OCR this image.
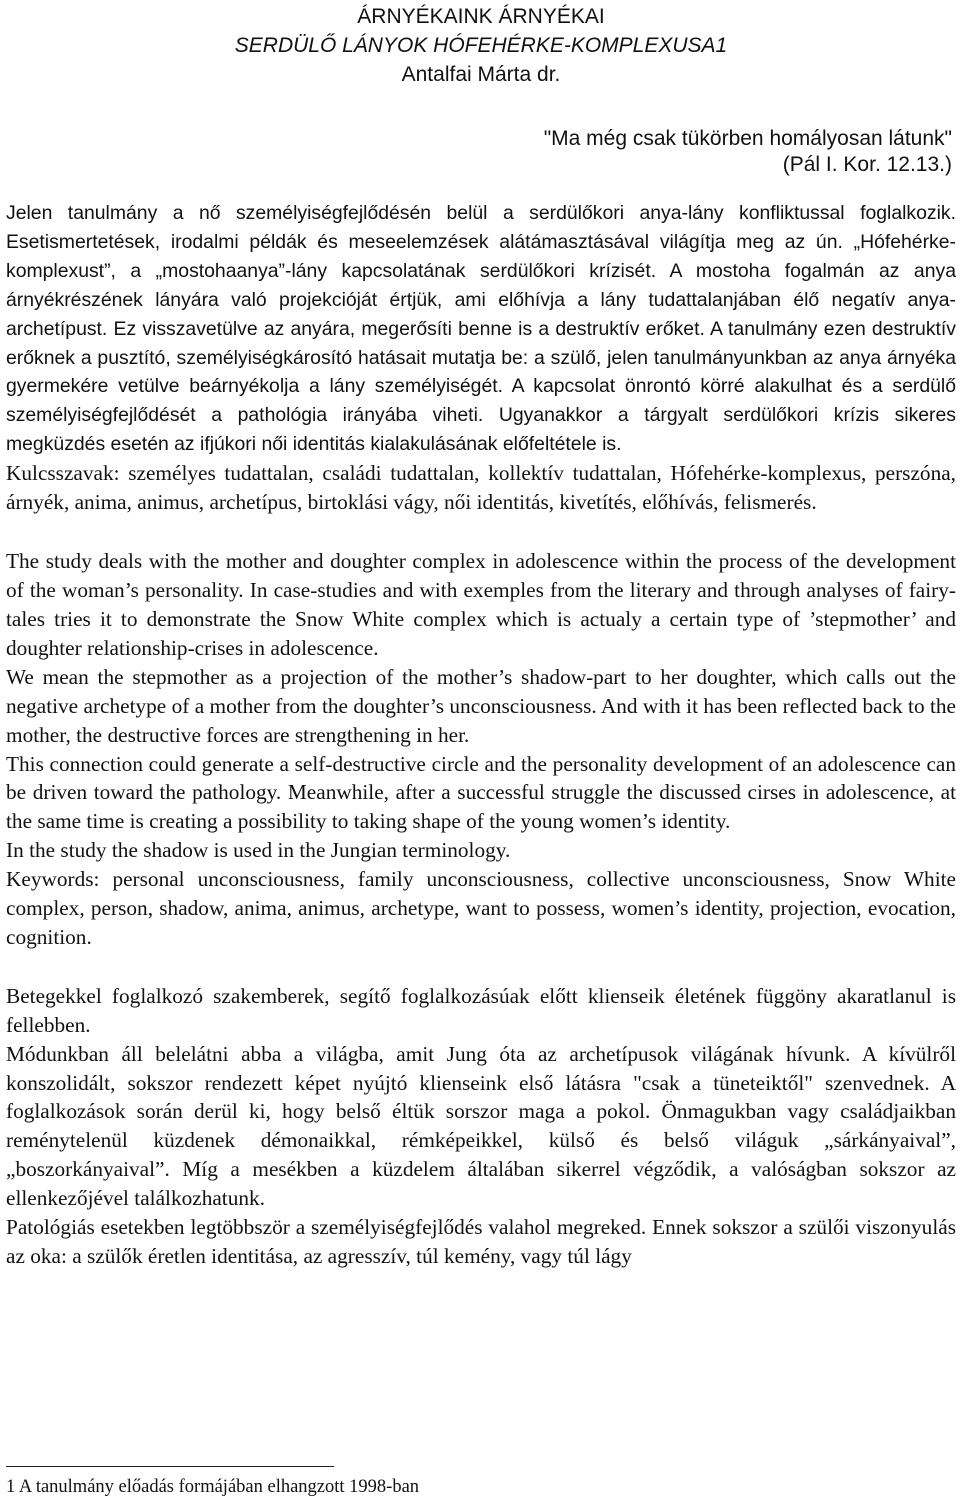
ÁRNYÉKAINK ÁRNYÉKAI
SERDÜLŐ LÁNYOK HÓFEHÉRKE-KOMPLEXUSA1
Antalfai Márta dr.
"Ma még csak tükörben homályosan látunk"
(Pál I. Kor. 12.13.)

Jelen tanulmány a nő személyiségfejlődésén belül a serdülőkori anya-lány konfliktussal foglalkozik. Esetismertetések, irodalmi példák és meseelemzések alátámasztásával világítja meg az ún. „Hófehérke-komplexust”, a „mostohaanya”-lány kapcsolatának serdülőkori krízisét. A mostoha fogalmán az anya árnyékrészének lányára való projekcióját értjük, ami előhívja a lány tudattalanjában élő negatív anya-archetípust. Ez visszavetülve az anyára, megerősíti benne is a destruktív erőket. A tanulmány ezen destruktív erőknek a pusztító, személyiségkárosító hatásait mutatja be: a szülő, jelen tanulmányunkban az anya árnyéka gyermekére vetülve beárnyékolja a lány személyiségét. A kapcsolat önrontó körré alakulhat és a serdülő személyiségfejlődését a pathológia irányába viheti. Ugyanakkor a tárgyalt serdülőkori krízis sikeres megküzdés esetén az ifjúkori női identitás kialakulásának előfeltétele is.

Kulcsszavak: személyes tudattalan, családi tudattalan, kollektív tudattalan, Hófehérke-komplexus, perszóna, árnyék, anima, animus, archetípus, birtoklási vágy, női identitás, kivetítés, előhívás, felismerés.

The study deals with the mother and doughter complex in adolescence within the process of the development of the woman’s personality. In case-studies and with exemples from the literary and through analyses of fairy-tales tries it to demonstrate the Snow White complex which is actualy a certain type of ’stepmother’ and doughter relationship-crises in adolescence.

We mean the stepmother as a projection of the mother’s shadow-part to her doughter, which calls out the negative archetype of a mother from the doughter’s unconsciousness. And with it has been reflected back to the mother, the destructive forces are strengthening in her.

This connection could generate a self-destructive circle and the personality development of an adolescence can be driven toward the pathology. Meanwhile, after a successful struggle the discussed cirses in adolescence, at the same time is creating a possibility to taking shape of the young women’s identity.

In the study the shadow is used in the Jungian terminology.

Keywords: personal unconsciousness, family unconsciousness, collective unconsciousness, Snow White complex, person, shadow, anima, animus, archetype, want to possess, women’s identity, projection, evocation, cognition.

Betegekkel foglalkozó szakemberek, segítő foglalkozásúak előtt klienseik életének függöny akaratlanul is fellebben.

Módunkban áll belelátni abba a világba, amit Jung óta az archetípusok világának hívunk. A kívülről konszolidált, sokszor rendezett képet nyújtó klienseink első látásra "csak a tüneteiktől" szenvednek. A foglalkozások során derül ki, hogy belső éltük sorszor maga a pokol. Önmagukban vagy családjaikban reménytelenül küzdenek démonaikkal, rémképeikkel, külső és belső világuk „sárkányaival”, „boszorkányaival”. Míg a mesékben a küzdelem általában sikerrel végződik, a valóságban sokszor az ellenkezőjével találkozhatunk.

Patológiás esetekben legtöbbször a személyiségfejlődés valahol megreked. Ennek sokszor a szülői viszonyulás az oka: a szülők éretlen identitása, az agresszív, túl kemény, vagy túl lágy

1 A tanulmány előadás formájában elhangzott 1998-ban
